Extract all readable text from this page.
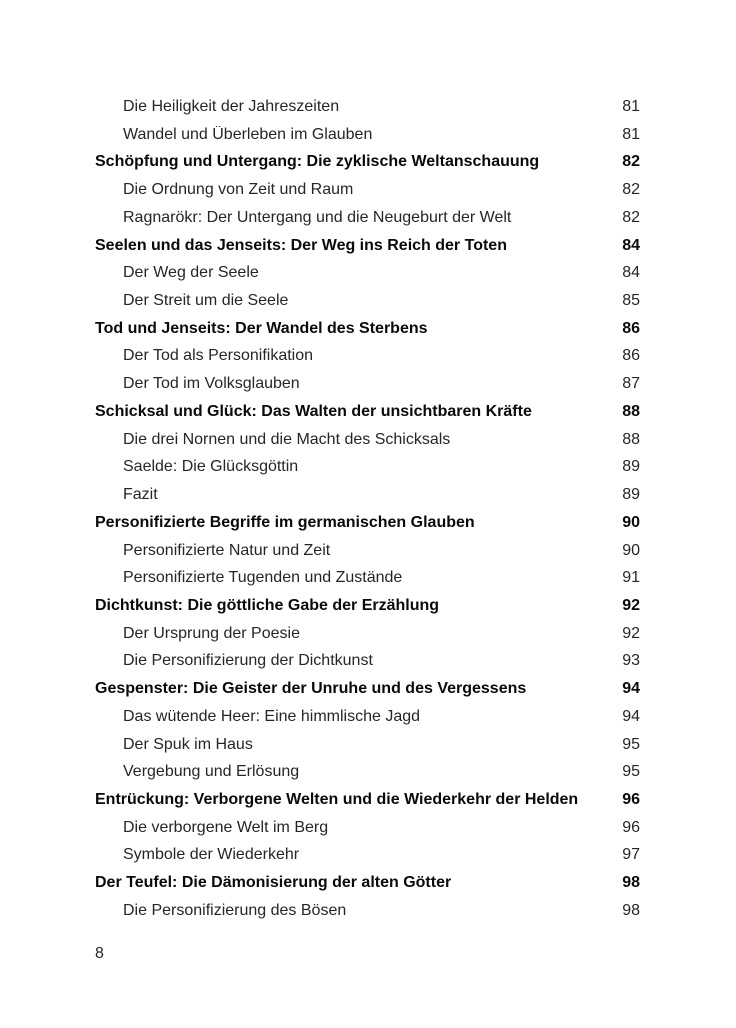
Die Heiligkeit der Jahreszeiten	81
Wandel und Überleben im Glauben	81
Schöpfung und Untergang: Die zyklische Weltanschauung	82
Die Ordnung von Zeit und Raum	82
Ragnarökr: Der Untergang und die Neugeburt der Welt	82
Seelen und das Jenseits: Der Weg ins Reich der Toten	84
Der Weg der Seele	84
Der Streit um die Seele	85
Tod und Jenseits: Der Wandel des Sterbens	86
Der Tod als Personifikation	86
Der Tod im Volksglauben	87
Schicksal und Glück: Das Walten der unsichtbaren Kräfte	88
Die drei Nornen und die Macht des Schicksals	88
Saelde: Die Glücksgöttin	89
Fazit	89
Personifizierte Begriffe im germanischen Glauben	90
Personifizierte Natur und Zeit	90
Personifizierte Tugenden und Zustände	91
Dichtkunst: Die göttliche Gabe der Erzählung	92
Der Ursprung der Poesie	92
Die Personifizierung der Dichtkunst	93
Gespenster: Die Geister der Unruhe und des Vergessens	94
Das wütende Heer: Eine himmlische Jagd	94
Der Spuk im Haus	95
Vergebung und Erlösung	95
Entrückung: Verborgene Welten und die Wiederkehr der Helden	96
Die verborgene Welt im Berg	96
Symbole der Wiederkehr	97
Der Teufel: Die Dämonisierung der alten Götter	98
Die Personifizierung des Bösen	98
8
